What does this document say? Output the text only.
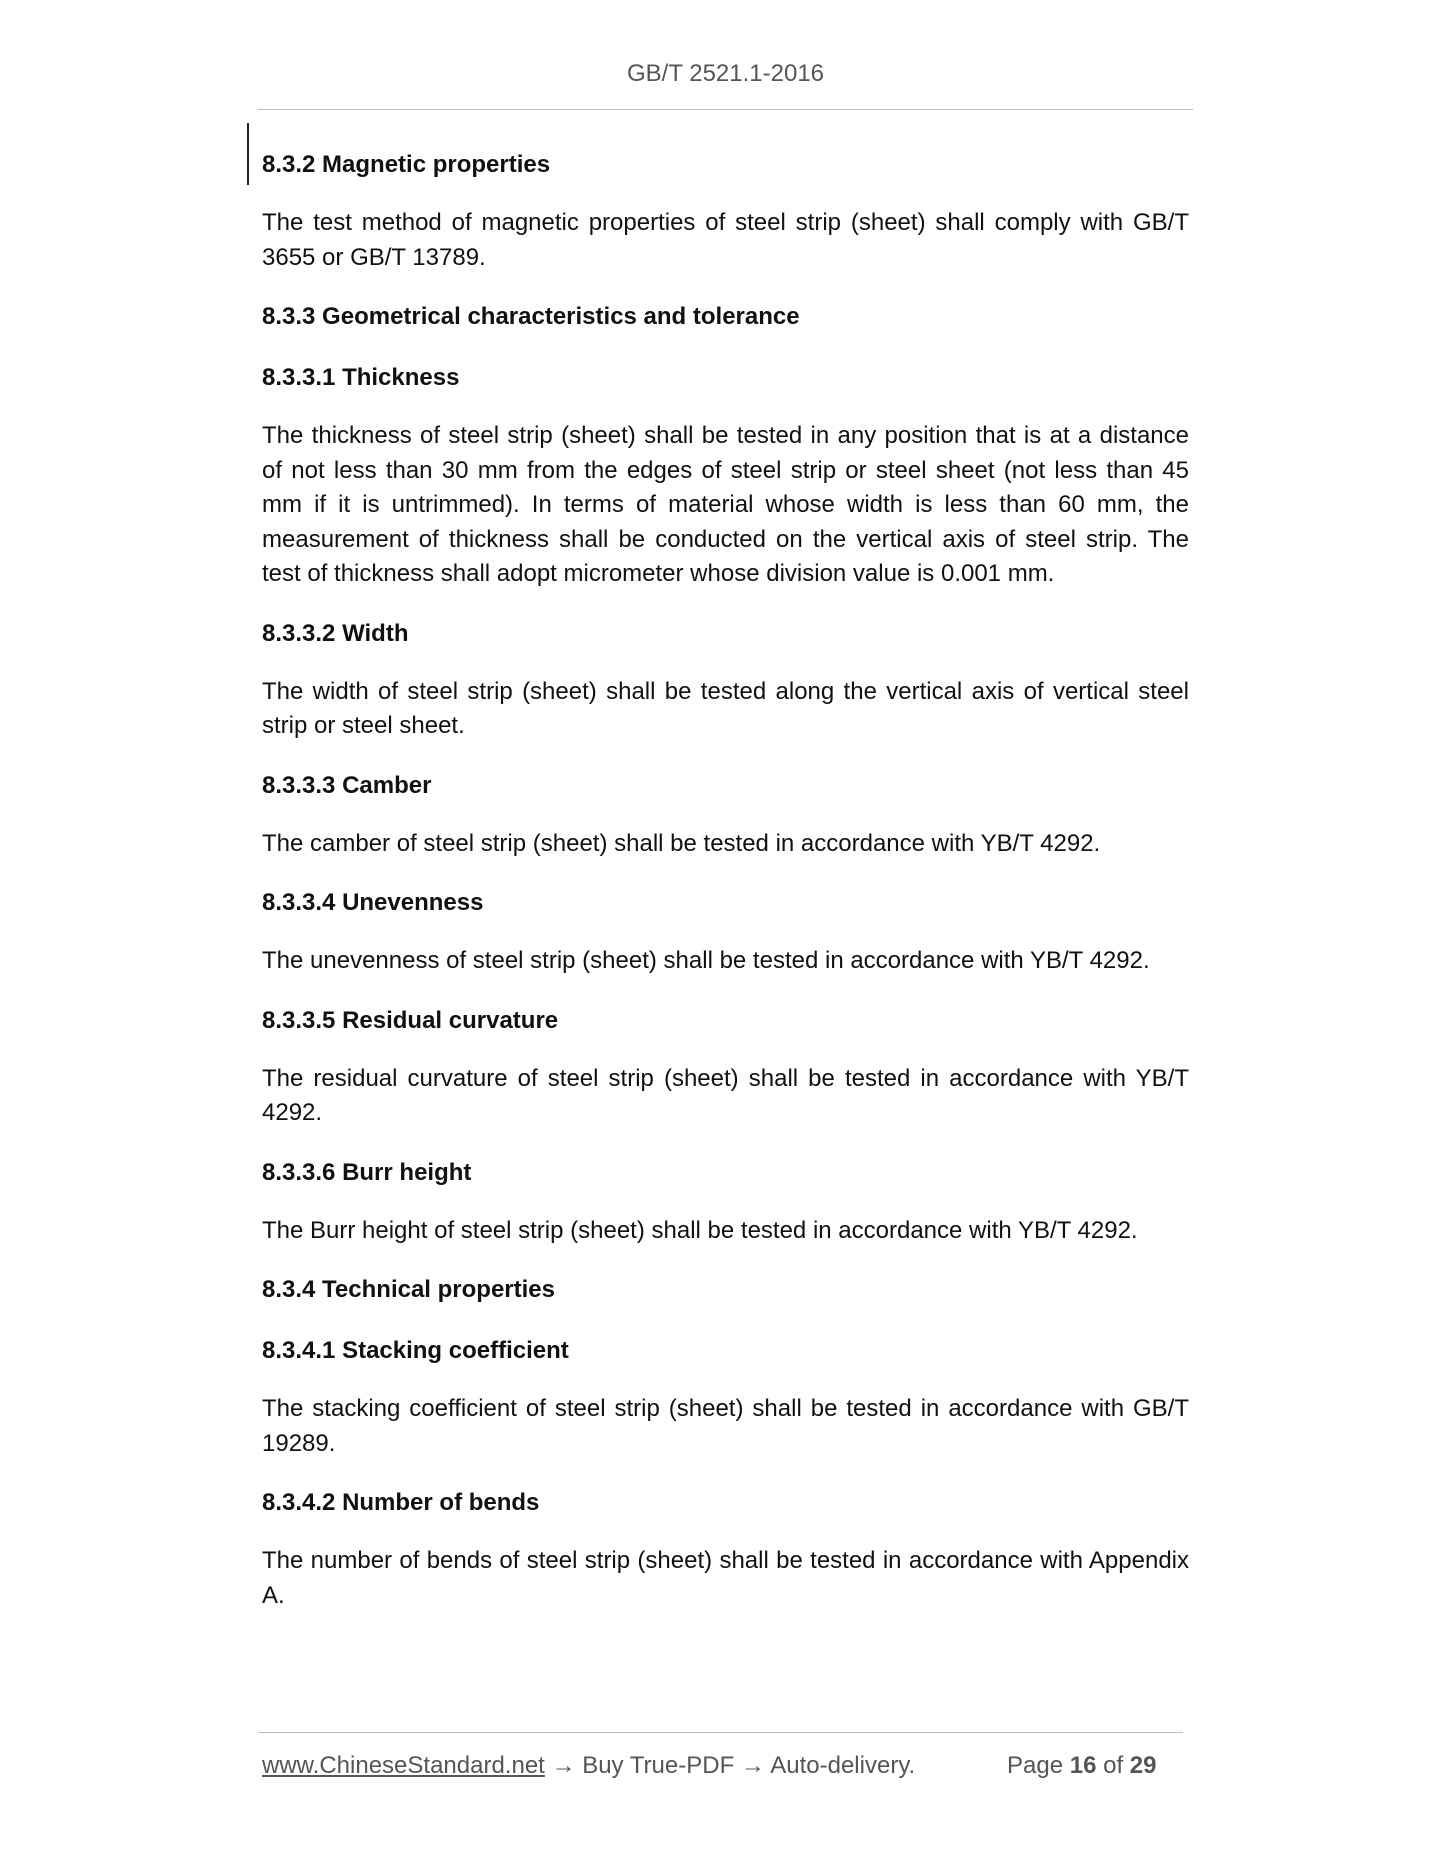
GB/T 2521.1-2016
8.3.2 Magnetic properties
The test method of magnetic properties of steel strip (sheet) shall comply with GB/T 3655 or GB/T 13789.
8.3.3 Geometrical characteristics and tolerance
8.3.3.1 Thickness
The thickness of steel strip (sheet) shall be tested in any position that is at a distance of not less than 30 mm from the edges of steel strip or steel sheet (not less than 45 mm if it is untrimmed). In terms of material whose width is less than 60 mm, the measurement of thickness shall be conducted on the vertical axis of steel strip. The test of thickness shall adopt micrometer whose division value is 0.001 mm.
8.3.3.2 Width
The width of steel strip (sheet) shall be tested along the vertical axis of vertical steel strip or steel sheet.
8.3.3.3 Camber
The camber of steel strip (sheet) shall be tested in accordance with YB/T 4292.
8.3.3.4 Unevenness
The unevenness of steel strip (sheet) shall be tested in accordance with YB/T 4292.
8.3.3.5 Residual curvature
The residual curvature of steel strip (sheet) shall be tested in accordance with YB/T 4292.
8.3.3.6 Burr height
The Burr height of steel strip (sheet) shall be tested in accordance with YB/T 4292.
8.3.4 Technical properties
8.3.4.1 Stacking coefficient
The stacking coefficient of steel strip (sheet) shall be tested in accordance with GB/T 19289.
8.3.4.2 Number of bends
The number of bends of steel strip (sheet) shall be tested in accordance with Appendix A.
www.ChineseStandard.net → Buy True-PDF → Auto-delivery.	Page 16 of 29
